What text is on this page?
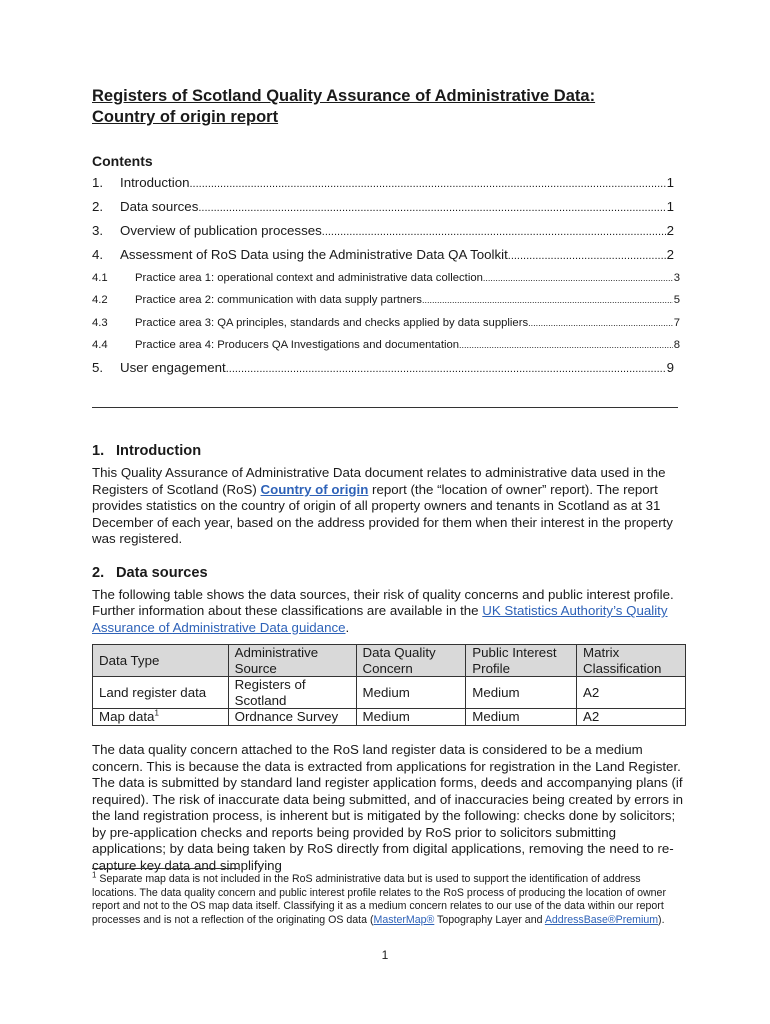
Registers of Scotland Quality Assurance of Administrative Data:
Country of origin report
Contents
1.	Introduction .....	1
2.	Data sources .....	1
3.	Overview of publication processes .....	2
4.	Assessment of RoS Data using the Administrative Data QA Toolkit .....	2
4.1	Practice area 1: operational context and administrative data collection .....	3
4.2	Practice area 2: communication with data supply partners .....	5
4.3	Practice area 3: QA principles, standards and checks applied by data suppliers .....	7
4.4	Practice area 4: Producers QA Investigations and documentation .....	8
5.	User engagement .....	9
1. Introduction

This Quality Assurance of Administrative Data document relates to administrative data used in the Registers of Scotland (RoS) Country of origin report (the “location of owner” report). The report provides statistics on the country of origin of all property owners and tenants in Scotland as at 31 December of each year, based on the address provided for them when their interest in the property was registered.

2. Data sources

The following table shows the data sources, their risk of quality concerns and public interest profile. Further information about these classifications are available in the UK Statistics Authority’s Quality Assurance of Administrative Data guidance.

Data Type	Administrative Source	Data Quality Concern	Public Interest Profile	Matrix Classification
Land register data	Registers of Scotland	Medium	Medium	A2
Map data$^1$	Ordnance Survey	Medium	Medium	A2

The data quality concern attached to the RoS land register data is considered to be a medium concern. This is because the data is extracted from applications for registration in the Land Register. The data is submitted by standard land register application forms, deeds and accompanying plans (if required). The risk of inaccurate data being submitted, and of inaccuracies being created by errors in the land registration process, is inherent but is mitigated by the following: checks done by solicitors; by pre-application checks and reports being provided by RoS prior to solicitors submitting applications; by data being taken by RoS directly from digital applications, removing the need to re-capture key data and simplifying

$^1$ Separate map data is not included in the RoS administrative data but is used to support the identification of address locations. The data quality concern and public interest profile relates to the RoS process of producing the location of owner report and not to the OS map data itself. Classifying it as a medium concern relates to our use of the data within our report processes and is not a reflection of the originating OS data (MasterMap® Topography Layer and AddressBase®Premium).
1
